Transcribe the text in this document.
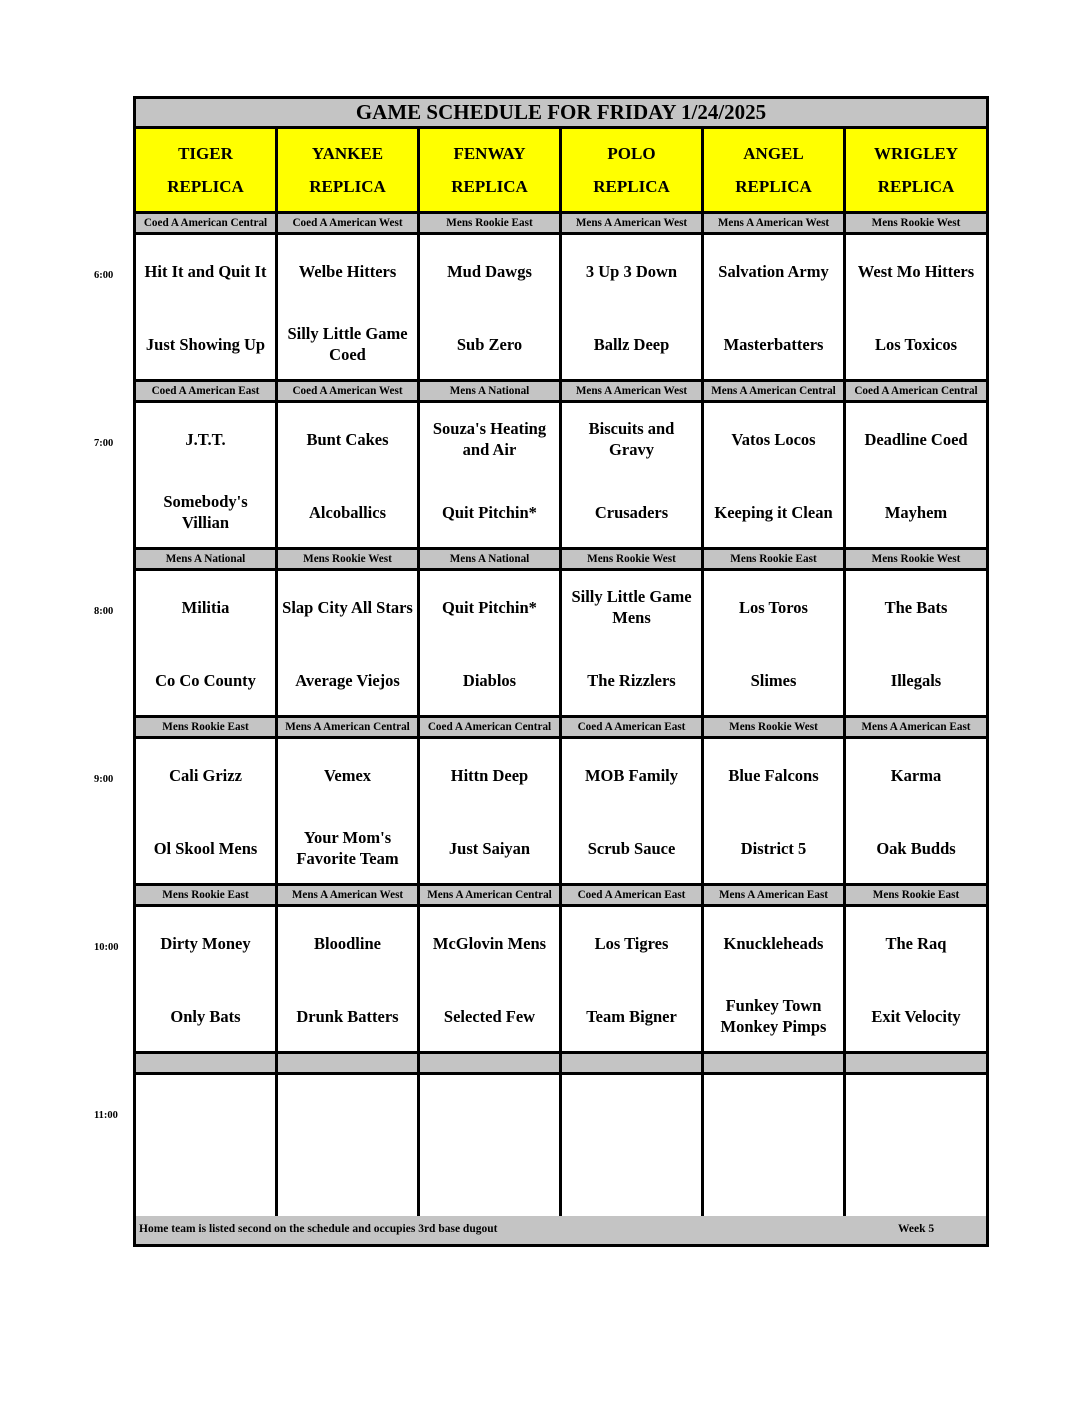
GAME SCHEDULE FOR FRIDAY 1/24/2025
TIGER
REPLICA
YANKEE
REPLICA
FENWAY
REPLICA
POLO
REPLICA
ANGEL
REPLICA
WRIGLEY
REPLICA
Coed A American Central
Hit It and Quit It
Just Showing Up
Coed A American West
Welbe Hitters
Silly Little Game Coed
Mens Rookie East
Mud Dawgs
Sub Zero
Mens A American West
3 Up 3 Down
Ballz Deep
Mens A American West
Salvation Army
Masterbatters
Mens Rookie West
West Mo Hitters
Los Toxicos
Coed A American East
J.T.T.
Somebody's Villian
Coed A American West
Bunt Cakes
Alcoballics
Mens A National
Souza's Heating and Air
Quit Pitchin*
Mens A American West
Biscuits and Gravy
Crusaders
Mens A American Central
Vatos Locos
Keeping it Clean
Coed A American Central
Deadline Coed
Mayhem
Mens A National
Militia
Co Co County
Mens Rookie West
Slap City All Stars
Average Viejos
Mens A National
Quit Pitchin*
Diablos
Mens Rookie West
Silly Little Game Mens
The Rizzlers
Mens Rookie East
Los Toros
Slimes
Mens Rookie West
The Bats
Illegals
Mens Rookie East
Cali Grizz
Ol Skool Mens
Mens A American Central
Vemex
Your Mom's Favorite Team
Coed A American Central
Hittn Deep
Just Saiyan
Coed A American East
MOB Family
Scrub Sauce
Mens Rookie West
Blue Falcons
District 5
Mens A American East
Karma
Oak Budds
Mens Rookie East
Dirty Money
Only Bats
Mens A American West
Bloodline
Drunk Batters
Mens A American Central
McGlovin Mens
Selected Few
Coed A American East
Los Tigres
Team Bigner
Mens A American East
Knuckleheads
Funkey Town Monkey Pimps
Mens Rookie East
The Raq
Exit Velocity
Home team is listed second on the schedule and occupies 3rd base dugout	Week 5
6:00
7:00
8:00
9:00
10:00
11:00
